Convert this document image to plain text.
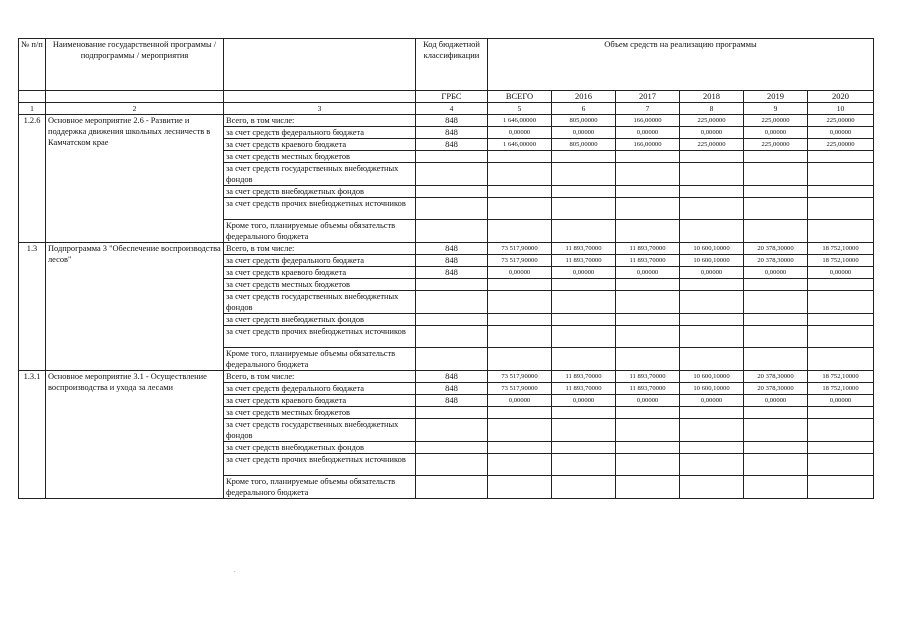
№ п/п	Наименование государственной программы / подпрограммы / мероприятия		Код бюджетной классификации	Объем средств на реализацию программы					
			ГРБС	ВСЕГО	2016	2017	2018	2019	2020
1	2	3	4	5	6	7	8	9	10
1.2.6	Основное мероприятие 2.6 - Развитие и поддержка движения школьных лесничеств в Камчатском крае	Всего, в том числе:	848	1 646,00000	805,00000	166,00000	225,00000	225,00000	225,00000
		за счет средств федерального бюджета	848	0,00000	0,00000	0,00000	0,00000	0,00000	0,00000
		за счет средств краевого бюджета	848	1 646,00000	805,00000	166,00000	225,00000	225,00000	225,00000
		за счет средств местных бюджетов							
		за счет средств государственных внебюджетных фондов							
		за счет средств внебюджетных фондов							
		за счет средств прочих внебюджетных источников							
		Кроме того, планируемые объемы обязательств федерального бюджета							
1.3	Подпрограмма 3 "Обеспечение воспроизводства лесов"	Всего, в том числе:	848	73 517,90000	11 893,70000	11 893,70000	10 600,10000	20 378,30000	18 752,10000
		за счет средств федерального бюджета	848	73 517,90000	11 893,70000	11 893,70000	10 600,10000	20 378,30000	18 752,10000
		за счет средств краевого бюджета	848	0,00000	0,00000	0,00000	0,00000	0,00000	0,00000
		за счет средств местных бюджетов							
		за счет средств государственных внебюджетных фондов							
		за счет средств внебюджетных фондов							
		за счет средств прочих внебюджетных источников							
		Кроме того, планируемые объемы обязательств федерального бюджета							
1.3.1	Основное мероприятие 3.1 - Осуществление воспроизводства и ухода за лесами	Всего, в том числе:	848	73 517,90000	11 893,70000	11 893,70000	10 600,10000	20 378,30000	18 752,10000
		за счет средств федерального бюджета	848	73 517,90000	11 893,70000	11 893,70000	10 600,10000	20 378,30000	18 752,10000
		за счет средств краевого бюджета	848	0,00000	0,00000	0,00000	0,00000	0,00000	0,00000
		за счет средств местных бюджетов							
		за счет средств государственных внебюджетных фондов							
		за счет средств внебюджетных фондов							
		за счет средств прочих внебюджетных источников							
		Кроме того, планируемые объемы обязательств федерального бюджета							
.
